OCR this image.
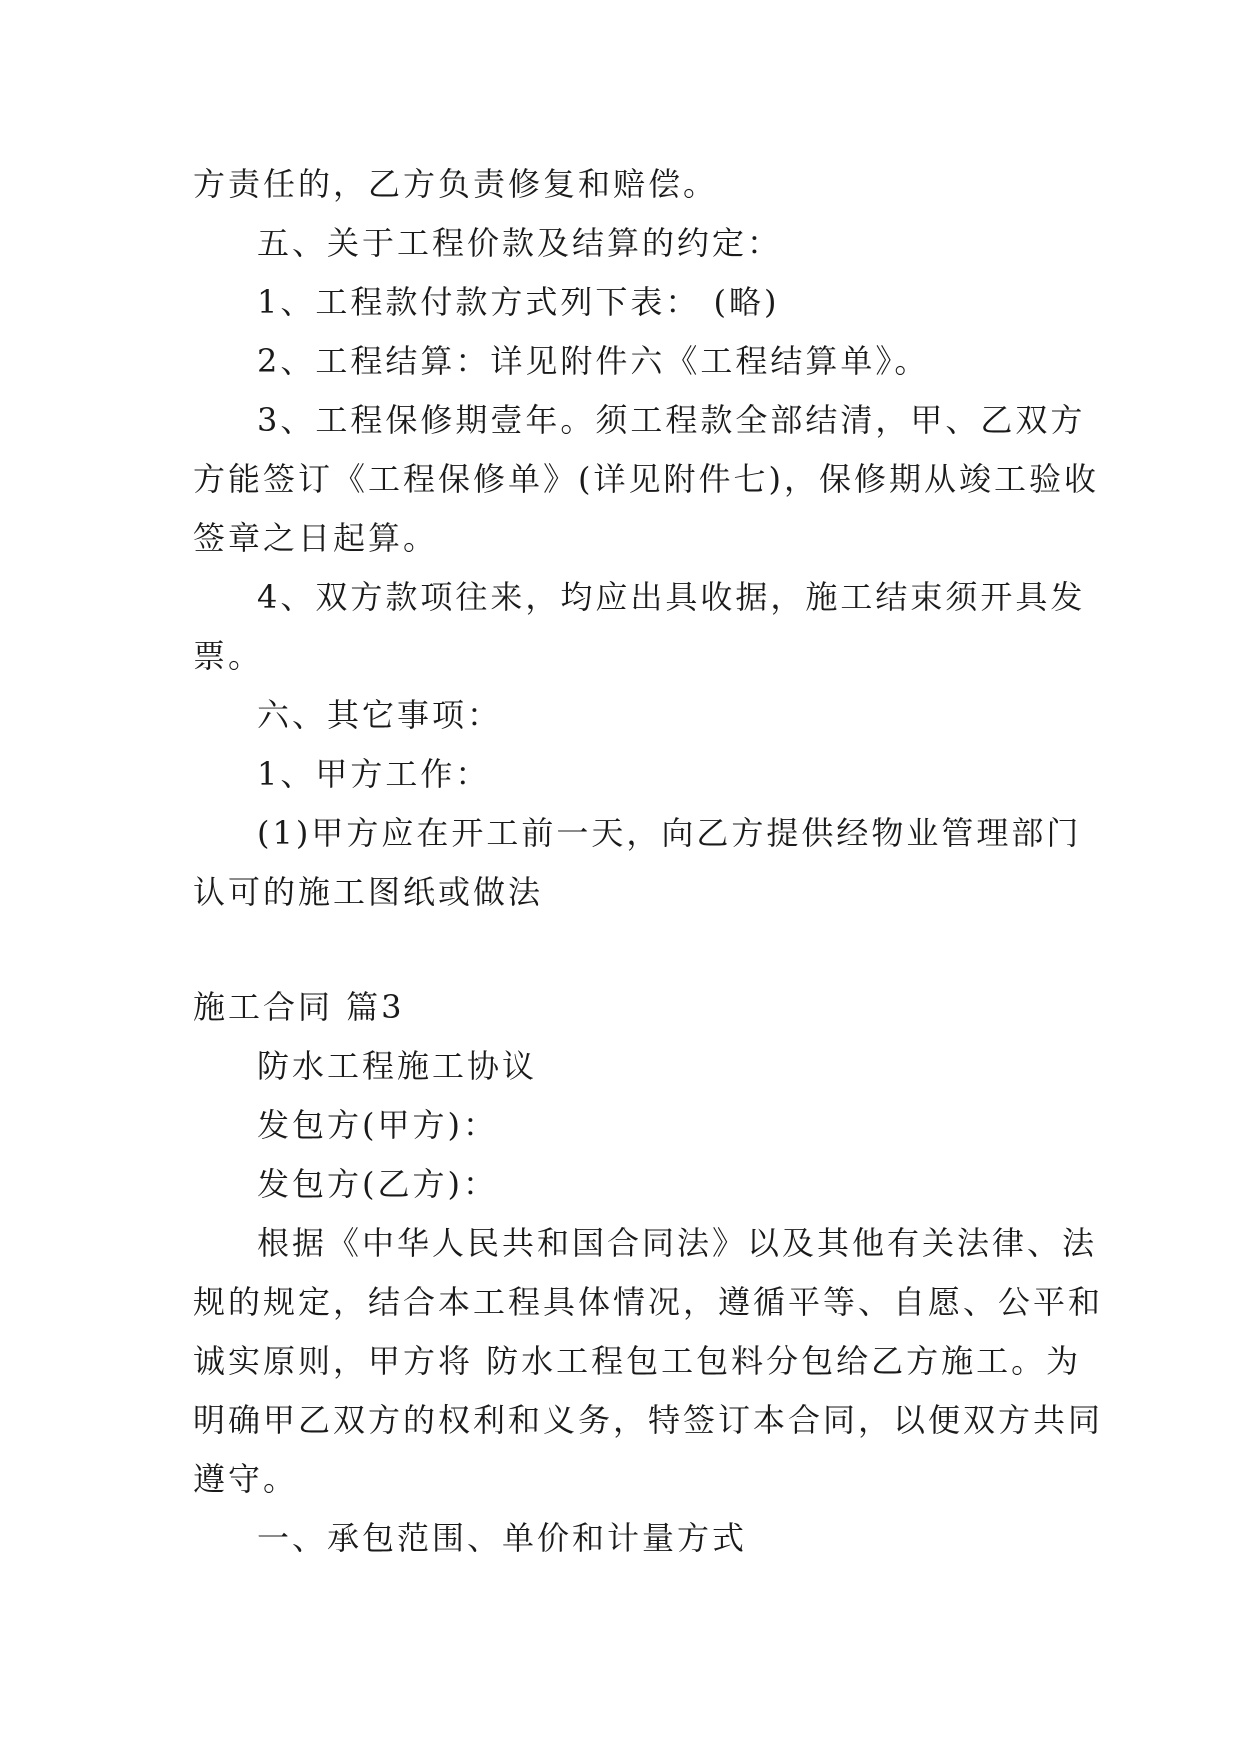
方责任的，乙方负责修复和赔偿。
五、关于工程价款及结算的约定：
1、工程款付款方式列下表： (略)
2、工程结算：详见附件六《工程结算单》。
3、工程保修期壹年。须工程款全部结清，甲、乙双方
方能签订《工程保修单》(详见附件七)，保修期从竣工验收
签章之日起算。
4、双方款项往来，均应出具收据，施工结束须开具发
票。
六、其它事项：
1、甲方工作：
(1)甲方应在开工前一天，向乙方提供经物业管理部门
认可的施工图纸或做法
施工合同 篇3
防水工程施工协议
发包方(甲方)：
发包方(乙方)：
根据《中华人民共和国合同法》以及其他有关法律、法
规的规定，结合本工程具体情况，遵循平等、自愿、公平和
诚实原则，甲方将 防水工程包工包料分包给乙方施工。为
明确甲乙双方的权利和义务，特签订本合同，以便双方共同
遵守。
一、承包范围、单价和计量方式
